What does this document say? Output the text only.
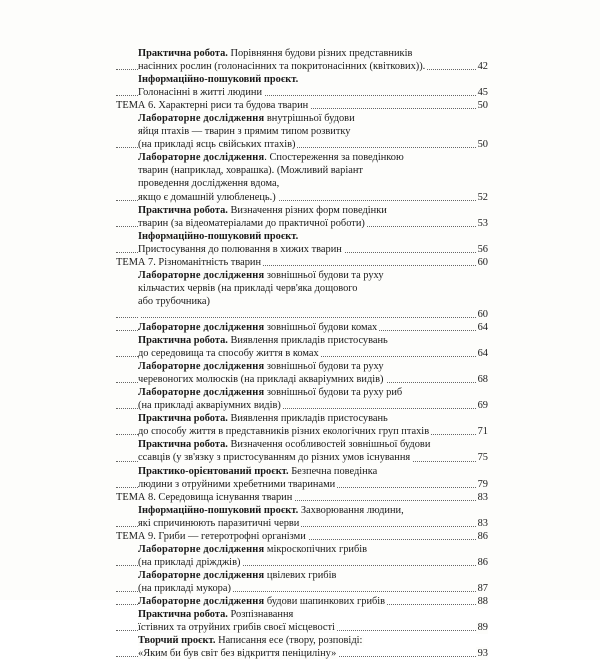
Практична робота. Порівняння будови різних представників
насінних рослин (голонасінних та покритонасінних (квіткових)).	42
Інформаційно-пошуковий проєкт.
Голонасінні в житті людини	45
ТЕМА 6. Характерні риси та будова тварин	50
Лабораторне дослідження внутрішньої будови
яйця птахів — тварин з прямим типом розвитку
(на прикладі ясць свійських птахів)	50
Лабораторне дослідження. Спостереження за поведінкою
тварин (наприклад, ховрашка). (Можливий варіант
проведення дослідження вдома,
якщо є домашній улюбленець.)	52
Практична робота. Визначення різних форм поведінки
тварин (за відеоматеріалами до практичної роботи)	53
Інформаційно-пошуковий проєкт.
Пристосування до полювання в хижих тварин	56
ТЕМА 7. Різноманітність тварин	60
Лабораторне дослідження зовнішньої будови та руху
кільчастих червів (на прикладі черв'яка дощового
або трубочника)
60
Лабораторне дослідження зовнішньої будови комах	64
Практична робота. Виявлення прикладів пристосувань
до середовища та способу життя в комах	64
Лабораторне дослідження зовнішньої будови та руху
черевоногих молюсків (на прикладі акваріумних видів)	68
Лабораторне дослідження зовнішньої будови та руху риб
(на прикладі акваріумних видів)	69
Практична робота. Виявлення прикладів пристосувань
до способу життя в представників різних екологічних груп птахів	71
Практична робота. Визначення особливостей зовнішньої будови
ссавців (у зв'язку з пристосуванням до різних умов існування	75
Практико-орієнтований проєкт. Безпечна поведінка
людини з отруйними хребетними тваринами	79
ТЕМА 8. Середовища існування тварин	83
Інформаційно-пошуковий проєкт. Захворювання людини,
які спричинюють паразитичні черви	83
ТЕМА 9. Гриби — гетеротрофні організми	86
Лабораторне дослідження мікроскопічних грибів
(на прикладі дріжджів)	86
Лабораторне дослідження цвілевих грибів
(на прикладі мукора)	87
Лабораторне дослідження будови шапинкових грибів	88
Практична робота. Розпізнавання
їстівних та отруйних грибів своєї місцевості	89
Творчий проєкт. Написання есе (твору, розповіді:
«Яким би був світ без відкриття пеніциліну»	93
